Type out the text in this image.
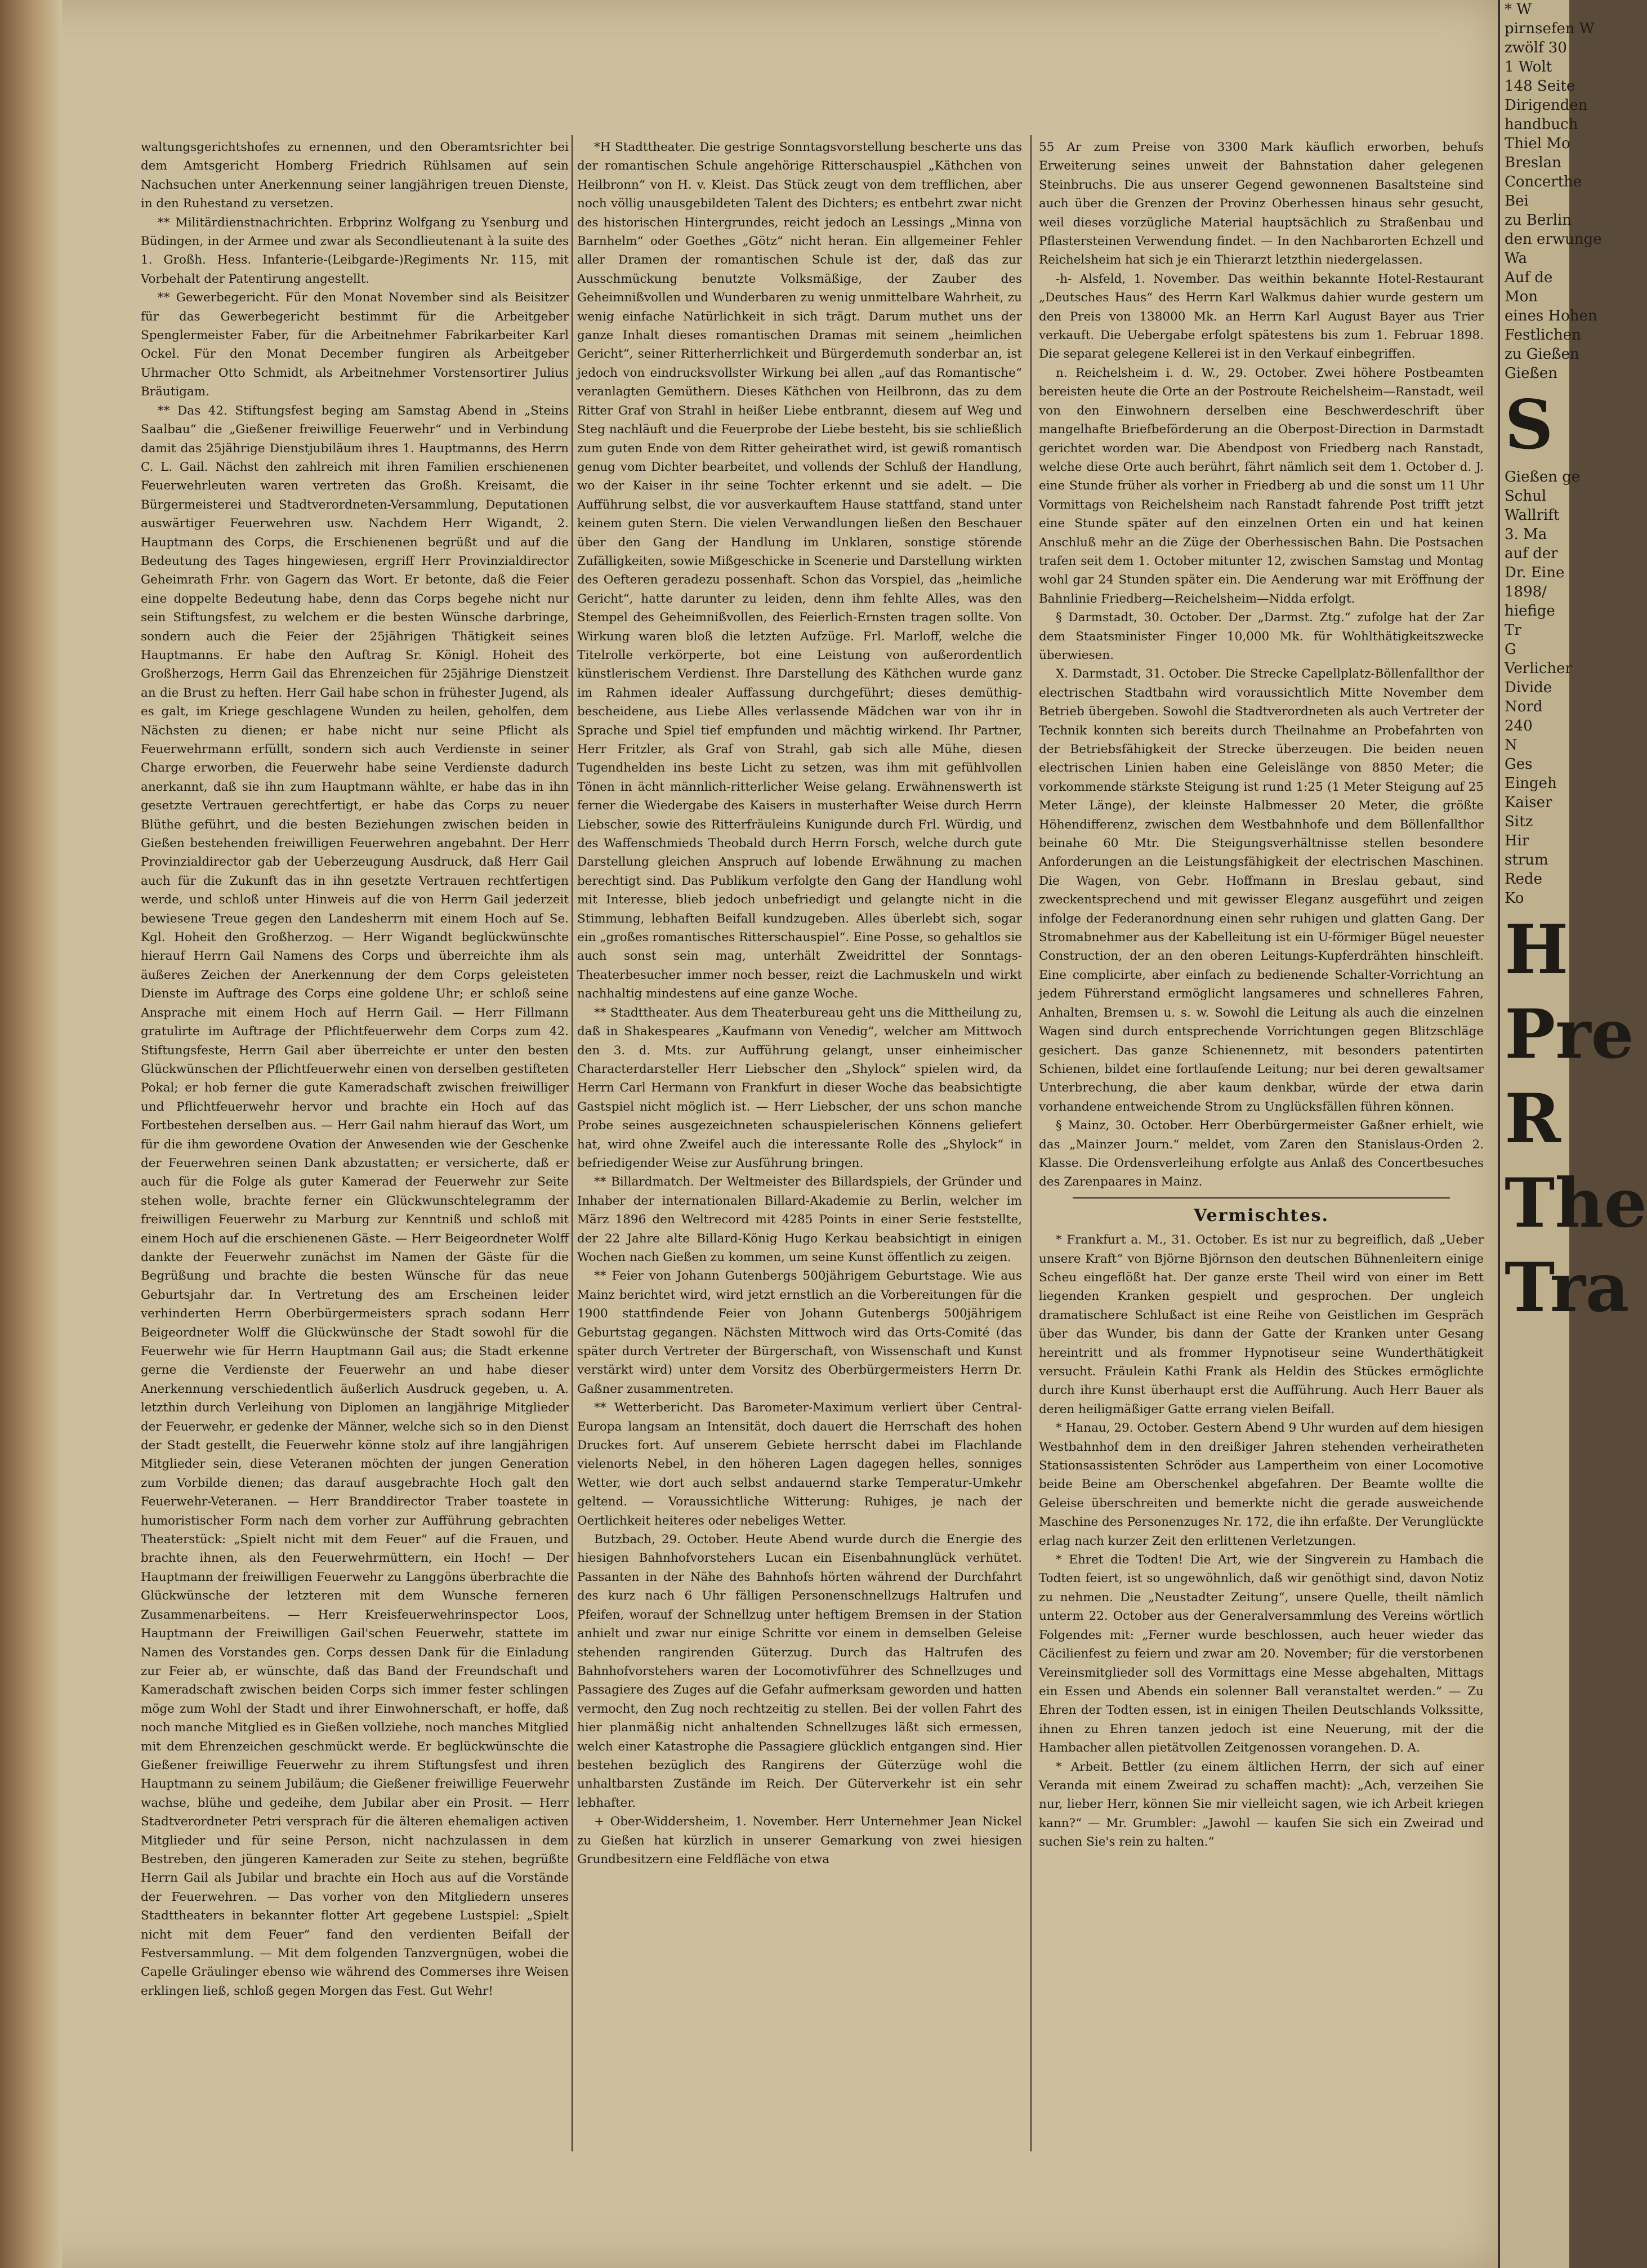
waltungsgerichtshofes zu ernennen, und den Oberamtsrichter bei dem Amtsgericht Homberg Friedrich Rühlsamen auf sein Nachsuchen unter Anerkennung seiner langjährigen treuen Dienste, in den Ruhestand zu versetzen.

** Militärdienstnachrichten. Erbprinz Wolfgang zu Ysenburg und Büdingen, in der Armee und zwar als Secondlieutenant à la suite des 1. Großh. Hess. Infanterie-(Leibgarde-)Regiments Nr. 115, mit Vorbehalt der Patentirung angestellt.

** Gewerbegericht. Für den Monat November sind als Beisitzer für das Gewerbegericht bestimmt für die Arbeitgeber Spenglermeister Faber, für die Arbeitnehmer Fabrikarbeiter Karl Ockel. Für den Monat December fungiren als Arbeitgeber Uhrmacher Otto Schmidt, als Arbeitnehmer Vorstensortirer Julius Bräutigam.

** Das 42. Stiftungsfest beging am Samstag Abend in „Steins Saalbau“ die „Gießener freiwillige Feuerwehr“ und in Verbindung damit das 25jährige Dienstjubiläum ihres 1. Hauptmanns, des Herrn C. L. Gail. Nächst den zahlreich mit ihren Familien erschienenen Feuerwehrleuten waren vertreten das Großh. Kreisamt, die Bürgermeisterei und Stadtverordneten-Versammlung, Deputationen auswärtiger Feuerwehren usw. Nachdem Herr Wigandt, 2. Hauptmann des Corps, die Erschienenen begrüßt und auf die Bedeutung des Tages hingewiesen, ergriff Herr Provinzialdirector Geheimrath Frhr. von Gagern das Wort. Er betonte, daß die Feier eine doppelte Bedeutung habe, denn das Corps begehe nicht nur sein Stiftungsfest, zu welchem er die besten Wünsche darbringe, sondern auch die Feier der 25jährigen Thätigkeit seines Hauptmanns. Er habe den Auftrag Sr. Königl. Hoheit des Großherzogs, Herrn Gail das Ehrenzeichen für 25jährige Dienstzeit an die Brust zu heften. Herr Gail habe schon in frühester Jugend, als es galt, im Kriege geschlagene Wunden zu heilen, geholfen, dem Nächsten zu dienen; er habe nicht nur seine Pflicht als Feuerwehrmann erfüllt, sondern sich auch Verdienste in seiner Charge erworben, die Feuerwehr habe seine Verdienste dadurch anerkannt, daß sie ihn zum Hauptmann wählte, er habe das in ihn gesetzte Vertrauen gerechtfertigt, er habe das Corps zu neuer Blüthe geführt, und die besten Beziehungen zwischen beiden in Gießen bestehenden freiwilligen Feuerwehren angebahnt. Der Herr Provinzialdirector gab der Ueberzeugung Ausdruck, daß Herr Gail auch für die Zukunft das in ihn gesetzte Vertrauen rechtfertigen werde, und schloß unter Hinweis auf die von Herrn Gail jederzeit bewiesene Treue gegen den Landesherrn mit einem Hoch auf Se. Kgl. Hoheit den Großherzog. — Herr Wigandt beglückwünschte hierauf Herrn Gail Namens des Corps und überreichte ihm als äußeres Zeichen der Anerkennung der dem Corps geleisteten Dienste im Auftrage des Corps eine goldene Uhr; er schloß seine Ansprache mit einem Hoch auf Herrn Gail. — Herr Fillmann gratulirte im Auftrage der Pflichtfeuerwehr dem Corps zum 42. Stiftungsfeste, Herrn Gail aber überreichte er unter den besten Glückwünschen der Pflichtfeuerwehr einen von derselben gestifteten Pokal; er hob ferner die gute Kameradschaft zwischen freiwilliger und Pflichtfeuerwehr hervor und brachte ein Hoch auf das Fortbestehen derselben aus. — Herr Gail nahm hierauf das Wort, um für die ihm gewordene Ovation der Anwesenden wie der Geschenke der Feuerwehren seinen Dank abzustatten; er versicherte, daß er auch für die Folge als guter Kamerad der Feuerwehr zur Seite stehen wolle, brachte ferner ein Glückwunschtelegramm der freiwilligen Feuerwehr zu Marburg zur Kenntniß und schloß mit einem Hoch auf die erschienenen Gäste. — Herr Beigeordneter Wolff dankte der Feuerwehr zunächst im Namen der Gäste für die Begrüßung und brachte die besten Wünsche für das neue Geburtsjahr dar. In Vertretung des am Erscheinen leider verhinderten Herrn Oberbürgermeisters sprach sodann Herr Beigeordneter Wolff die Glückwünsche der Stadt sowohl für die Feuerwehr wie für Herrn Hauptmann Gail aus; die Stadt erkenne gerne die Verdienste der Feuerwehr an und habe dieser Anerkennung verschiedentlich äußerlich Ausdruck gegeben, u. A. letzthin durch Verleihung von Diplomen an langjährige Mitglieder der Feuerwehr, er gedenke der Männer, welche sich so in den Dienst der Stadt gestellt, die Feuerwehr könne stolz auf ihre langjährigen Mitglieder sein, diese Veteranen möchten der jungen Generation zum Vorbilde dienen; das darauf ausgebrachte Hoch galt den Feuerwehr-Veteranen. — Herr Branddirector Traber toastete in humoristischer Form nach dem vorher zur Aufführung gebrachten Theaterstück: „Spielt nicht mit dem Feuer“ auf die Frauen, und brachte ihnen, als den Feuerwehrmüttern, ein Hoch! — Der Hauptmann der freiwilligen Feuerwehr zu Langgöns überbrachte die Glückwünsche der letzteren mit dem Wunsche ferneren Zusammenarbeitens. — Herr Kreisfeuerwehrinspector Loos, Hauptmann der Freiwilligen Gail'schen Feuerwehr, stattete im Namen des Vorstandes gen. Corps dessen Dank für die Einladung zur Feier ab, er wünschte, daß das Band der Freundschaft und Kameradschaft zwischen beiden Corps sich immer fester schlingen möge zum Wohl der Stadt und ihrer Einwohnerschaft, er hoffe, daß noch manche Mitglied es in Gießen vollziehe, noch manches Mitglied mit dem Ehrenzeichen geschmückt werde. Er beglückwünschte die Gießener freiwillige Feuerwehr zu ihrem Stiftungsfest und ihren Hauptmann zu seinem Jubiläum; die Gießener freiwillige Feuerwehr wachse, blühe und gedeihe, dem Jubilar aber ein Prosit. — Herr Stadtverordneter Petri versprach für die älteren ehemaligen activen Mitglieder und für seine Person, nicht nachzulassen in dem Bestreben, den jüngeren Kameraden zur Seite zu stehen, begrüßte Herrn Gail als Jubilar und brachte ein Hoch aus auf die Vorstände der Feuerwehren. — Das vorher von den Mitgliedern unseres Stadttheaters in bekannter flotter Art gegebene Lustspiel: „Spielt nicht mit dem Feuer“ fand den verdienten Beifall der Festversammlung. — Mit dem folgenden Tanzvergnügen, wobei die Capelle Gräulinger ebenso wie während des Commerses ihre Weisen erklingen ließ, schloß gegen Morgen das Fest. Gut Wehr!

*H Stadttheater. Die gestrige Sonntagsvorstellung bescherte uns das der romantischen Schule angehörige Ritterschauspiel „Käthchen von Heilbronn“ von H. v. Kleist. Das Stück zeugt von dem trefflichen, aber noch völlig unausgebildeten Talent des Dichters; es entbehrt zwar nicht des historischen Hintergrundes, reicht jedoch an Lessings „Minna von Barnhelm“ oder Goethes „Götz“ nicht heran. Ein allgemeiner Fehler aller Dramen der romantischen Schule ist der, daß das zur Ausschmückung benutzte Volksmäßige, der Zauber des Geheimnißvollen und Wunderbaren zu wenig unmittelbare Wahrheit, zu wenig einfache Natürlichkeit in sich trägt. Darum muthet uns der ganze Inhalt dieses romantischen Dramas mit seinem „heimlichen Gericht“, seiner Ritterherrlichkeit und Bürgerdemuth sonderbar an, ist jedoch von eindrucksvollster Wirkung bei allen „auf das Romantische“ veranlagten Gemüthern. Dieses Käthchen von Heilbronn, das zu dem Ritter Graf von Strahl in heißer Liebe entbrannt, diesem auf Weg und Steg nachläuft und die Feuerprobe der Liebe besteht, bis sie schließlich zum guten Ende von dem Ritter geheirathet wird, ist gewiß romantisch genug vom Dichter bearbeitet, und vollends der Schluß der Handlung, wo der Kaiser in ihr seine Tochter erkennt und sie adelt. — Die Aufführung selbst, die vor ausverkauftem Hause stattfand, stand unter keinem guten Stern. Die vielen Verwandlungen ließen den Beschauer über den Gang der Handlung im Unklaren, sonstige störende Zufälligkeiten, sowie Mißgeschicke in Scenerie und Darstellung wirkten des Oefteren geradezu possenhaft. Schon das Vorspiel, das „heimliche Gericht“, hatte darunter zu leiden, denn ihm fehlte Alles, was den Stempel des Geheimnißvollen, des Feierlich-Ernsten tragen sollte. Von Wirkung waren bloß die letzten Aufzüge. Frl. Marloff, welche die Titelrolle verkörperte, bot eine Leistung von außerordentlich künstlerischem Verdienst. Ihre Darstellung des Käthchen wurde ganz im Rahmen idealer Auffassung durchgeführt; dieses demüthig-bescheidene, aus Liebe Alles verlassende Mädchen war von ihr in Sprache und Spiel tief empfunden und mächtig wirkend. Ihr Partner, Herr Fritzler, als Graf von Strahl, gab sich alle Mühe, diesen Tugendhelden ins beste Licht zu setzen, was ihm mit gefühlvollen Tönen in ächt männlich-ritterlicher Weise gelang. Erwähnenswerth ist ferner die Wiedergabe des Kaisers in musterhafter Weise durch Herrn Liebscher, sowie des Ritterfräuleins Kunigunde durch Frl. Würdig, und des Waffenschmieds Theobald durch Herrn Forsch, welche durch gute Darstellung gleichen Anspruch auf lobende Erwähnung zu machen berechtigt sind. Das Publikum verfolgte den Gang der Handlung wohl mit Interesse, blieb jedoch unbefriedigt und gelangte nicht in die Stimmung, lebhaften Beifall kundzugeben. Alles überlebt sich, sogar ein „großes romantisches Ritterschauspiel“. Eine Posse, so gehaltlos sie auch sonst sein mag, unterhält Zweidrittel der Sonntags-Theaterbesucher immer noch besser, reizt die Lachmuskeln und wirkt nachhaltig mindestens auf eine ganze Woche.

** Stadttheater. Aus dem Theaterbureau geht uns die Mittheilung zu, daß in Shakespeares „Kaufmann von Venedig“, welcher am Mittwoch den 3. d. Mts. zur Aufführung gelangt, unser einheimischer Characterdarsteller Herr Liebscher den „Shylock“ spielen wird, da Herrn Carl Hermann von Frankfurt in dieser Woche das beabsichtigte Gastspiel nicht möglich ist. — Herr Liebscher, der uns schon manche Probe seines ausgezeichneten schauspielerischen Könnens geliefert hat, wird ohne Zweifel auch die interessante Rolle des „Shylock“ in befriedigender Weise zur Ausführung bringen.

** Billardmatch. Der Weltmeister des Billardspiels, der Gründer und Inhaber der internationalen Billard-Akademie zu Berlin, welcher im März 1896 den Weltrecord mit 4285 Points in einer Serie feststellte, der 22 Jahre alte Billard-König Hugo Kerkau beabsichtigt in einigen Wochen nach Gießen zu kommen, um seine Kunst öffentlich zu zeigen.

** Feier von Johann Gutenbergs 500jährigem Geburtstage. Wie aus Mainz berichtet wird, wird jetzt ernstlich an die Vorbereitungen für die 1900 stattfindende Feier von Johann Gutenbergs 500jährigem Geburtstag gegangen. Nächsten Mittwoch wird das Orts-Comité (das später durch Vertreter der Bürgerschaft, von Wissenschaft und Kunst verstärkt wird) unter dem Vorsitz des Oberbürgermeisters Herrn Dr. Gaßner zusammentreten.

** Wetterbericht. Das Barometer-Maximum verliert über Central-Europa langsam an Intensität, doch dauert die Herrschaft des hohen Druckes fort. Auf unserem Gebiete herrscht dabei im Flachlande vielenorts Nebel, in den höheren Lagen dagegen helles, sonniges Wetter, wie dort auch selbst andauernd starke Temperatur-Umkehr geltend. — Voraussichtliche Witterung: Ruhiges, je nach der Oertlichkeit heiteres oder nebeliges Wetter.

Butzbach, 29. October. Heute Abend wurde durch die Energie des hiesigen Bahnhofvorstehers Lucan ein Eisenbahnunglück verhütet. Passanten in der Nähe des Bahnhofs hörten während der Durchfahrt des kurz nach 6 Uhr fälligen Personenschnellzugs Haltrufen und Pfeifen, worauf der Schnellzug unter heftigem Bremsen in der Station anhielt und zwar nur einige Schritte vor einem in demselben Geleise stehenden rangirenden Güterzug. Durch das Haltrufen des Bahnhofvorstehers waren der Locomotivführer des Schnellzuges und Passagiere des Zuges auf die Gefahr aufmerksam geworden und hatten vermocht, den Zug noch rechtzeitig zu stellen. Bei der vollen Fahrt des hier planmäßig nicht anhaltenden Schnellzuges läßt sich ermessen, welch einer Katastrophe die Passagiere glücklich entgangen sind. Hier bestehen bezüglich des Rangirens der Güterzüge wohl die unhaltbarsten Zustände im Reich. Der Güterverkehr ist ein sehr lebhafter.

+ Ober-Widdersheim, 1. November. Herr Unternehmer Jean Nickel zu Gießen hat kürzlich in unserer Gemarkung von zwei hiesigen Grundbesitzern eine Feldfläche von etwa

55 Ar zum Preise von 3300 Mark käuflich erworben, behufs Erweiterung seines unweit der Bahnstation daher gelegenen Steinbruchs. Die aus unserer Gegend gewonnenen Basaltsteine sind auch über die Grenzen der Provinz Oberhessen hinaus sehr gesucht, weil dieses vorzügliche Material hauptsächlich zu Straßenbau und Pflastersteinen Verwendung findet. — In den Nachbarorten Echzell und Reichelsheim hat sich je ein Thierarzt letzthin niedergelassen.

-h- Alsfeld, 1. November. Das weithin bekannte Hotel-Restaurant „Deutsches Haus“ des Herrn Karl Walkmus dahier wurde gestern um den Preis von 138000 Mk. an Herrn Karl August Bayer aus Trier verkauft. Die Uebergabe erfolgt spätestens bis zum 1. Februar 1898. Die separat gelegene Kellerei ist in den Verkauf einbegriffen.

n. Reichelsheim i. d. W., 29. October. Zwei höhere Postbeamten bereisten heute die Orte an der Postroute Reichelsheim—Ranstadt, weil von den Einwohnern derselben eine Beschwerdeschrift über mangelhafte Briefbeförderung an die Oberpost-Direction in Darmstadt gerichtet worden war. Die Abendpost von Friedberg nach Ranstadt, welche diese Orte auch berührt, fährt nämlich seit dem 1. October d. J. eine Stunde früher als vorher in Friedberg ab und die sonst um 11 Uhr Vormittags von Reichelsheim nach Ranstadt fahrende Post trifft jetzt eine Stunde später auf den einzelnen Orten ein und hat keinen Anschluß mehr an die Züge der Oberhessischen Bahn. Die Postsachen trafen seit dem 1. October mitunter 12, zwischen Samstag und Montag wohl gar 24 Stunden später ein. Die Aenderung war mit Eröffnung der Bahnlinie Friedberg—Reichelsheim—Nidda erfolgt.

§ Darmstadt, 30. October. Der „Darmst. Ztg.“ zufolge hat der Zar dem Staatsminister Finger 10,000 Mk. für Wohlthätigkeitszwecke überwiesen.

X. Darmstadt, 31. October. Die Strecke Capellplatz-Böllenfallthor der electrischen Stadtbahn wird voraussichtlich Mitte November dem Betrieb übergeben. Sowohl die Stadtverordneten als auch Vertreter der Technik konnten sich bereits durch Theilnahme an Probefahrten von der Betriebsfähigkeit der Strecke überzeugen. Die beiden neuen electrischen Linien haben eine Geleislänge von 8850 Meter; die vorkommende stärkste Steigung ist rund 1:25 (1 Meter Steigung auf 25 Meter Länge), der kleinste Halbmesser 20 Meter, die größte Höhendifferenz, zwischen dem Westbahnhofe und dem Böllenfallthor beinahe 60 Mtr. Die Steigungsverhältnisse stellen besondere Anforderungen an die Leistungsfähigkeit der electrischen Maschinen. Die Wagen, von Gebr. Hoffmann in Breslau gebaut, sind zweckentsprechend und mit gewisser Eleganz ausgeführt und zeigen infolge der Federanordnung einen sehr ruhigen und glatten Gang. Der Stromabnehmer aus der Kabelleitung ist ein U-förmiger Bügel neuester Construction, der an den oberen Leitungs-Kupferdrähten hinschleift. Eine complicirte, aber einfach zu bedienende Schalter-Vorrichtung an jedem Führerstand ermöglicht langsameres und schnelleres Fahren, Anhalten, Bremsen u. s. w. Sowohl die Leitung als auch die einzelnen Wagen sind durch entsprechende Vorrichtungen gegen Blitzschläge gesichert. Das ganze Schienennetz, mit besonders patentirten Schienen, bildet eine fortlaufende Leitung; nur bei deren gewaltsamer Unterbrechung, die aber kaum denkbar, würde der etwa darin vorhandene entweichende Strom zu Unglücksfällen führen können.

§ Mainz, 30. October. Herr Oberbürgermeister Gaßner erhielt, wie das „Mainzer Journ.“ meldet, vom Zaren den Stanislaus-Orden 2. Klasse. Die Ordensverleihung erfolgte aus Anlaß des Concertbesuches des Zarenpaares in Mainz.

Vermischtes.

* Frankfurt a. M., 31. October. Es ist nur zu begreiflich, daß „Ueber unsere Kraft“ von Björne Björnson den deutschen Bühnenleitern einige Scheu eingeflößt hat. Der ganze erste Theil wird von einer im Bett liegenden Kranken gespielt und gesprochen. Der ungleich dramatischere Schlußact ist eine Reihe von Geistlichen im Gespräch über das Wunder, bis dann der Gatte der Kranken unter Gesang hereintritt und als frommer Hypnotiseur seine Wunderthätigkeit versucht. Fräulein Kathi Frank als Heldin des Stückes ermöglichte durch ihre Kunst überhaupt erst die Aufführung. Auch Herr Bauer als deren heiligmäßiger Gatte errang vielen Beifall.

* Hanau, 29. October. Gestern Abend 9 Uhr wurden auf dem hiesigen Westbahnhof dem in den dreißiger Jahren stehenden verheiratheten Stationsassistenten Schröder aus Lampertheim von einer Locomotive beide Beine am Oberschenkel abgefahren. Der Beamte wollte die Geleise überschreiten und bemerkte nicht die gerade ausweichende Maschine des Personenzuges Nr. 172, die ihn erfaßte. Der Verunglückte erlag nach kurzer Zeit den erlittenen Verletzungen.

* Ehret die Todten! Die Art, wie der Singverein zu Hambach die Todten feiert, ist so ungewöhnlich, daß wir genöthigt sind, davon Notiz zu nehmen. Die „Neustadter Zeitung“, unsere Quelle, theilt nämlich unterm 22. October aus der Generalversammlung des Vereins wörtlich Folgendes mit: „Ferner wurde beschlossen, auch heuer wieder das Cäcilienfest zu feiern und zwar am 20. November; für die verstorbenen Vereinsmitglieder soll des Vormittags eine Messe abgehalten, Mittags ein Essen und Abends ein solenner Ball veranstaltet werden.“ — Zu Ehren der Todten essen, ist in einigen Theilen Deutschlands Volkssitte, ihnen zu Ehren tanzen jedoch ist eine Neuerung, mit der die Hambacher allen pietätvollen Zeitgenossen vorangehen. D. A.

* Arbeit. Bettler (zu einem ältlichen Herrn, der sich auf einer Veranda mit einem Zweirad zu schaffen macht): „Ach, verzeihen Sie nur, lieber Herr, können Sie mir vielleicht sagen, wie ich Arbeit kriegen kann?“ — Mr. Grumbler: „Jawohl — kaufen Sie sich ein Zweirad und suchen Sie's rein zu halten.“

* W
pirnsefen W
zwölf 30
1 Wolt
148 Seite
Dirigenden
handbuch
Thiel Mo
Breslan
Concerthe
Bei
zu Berlin
den erwunge
Wa
Auf de
Mon
eines Hohen
Festlichen
zu Gießen
Gießen
S
Gießen ge
Schul
Wallrift
3. Ma
auf der
Dr. Eine
1898/
hiefige
Tr
G
Verlicher
Divide
Nord
240
N
Ges
Eingeh
Kaiser
Sitz
Hir
strum
Rede
Ko
H
Pre
R
The
Tra
